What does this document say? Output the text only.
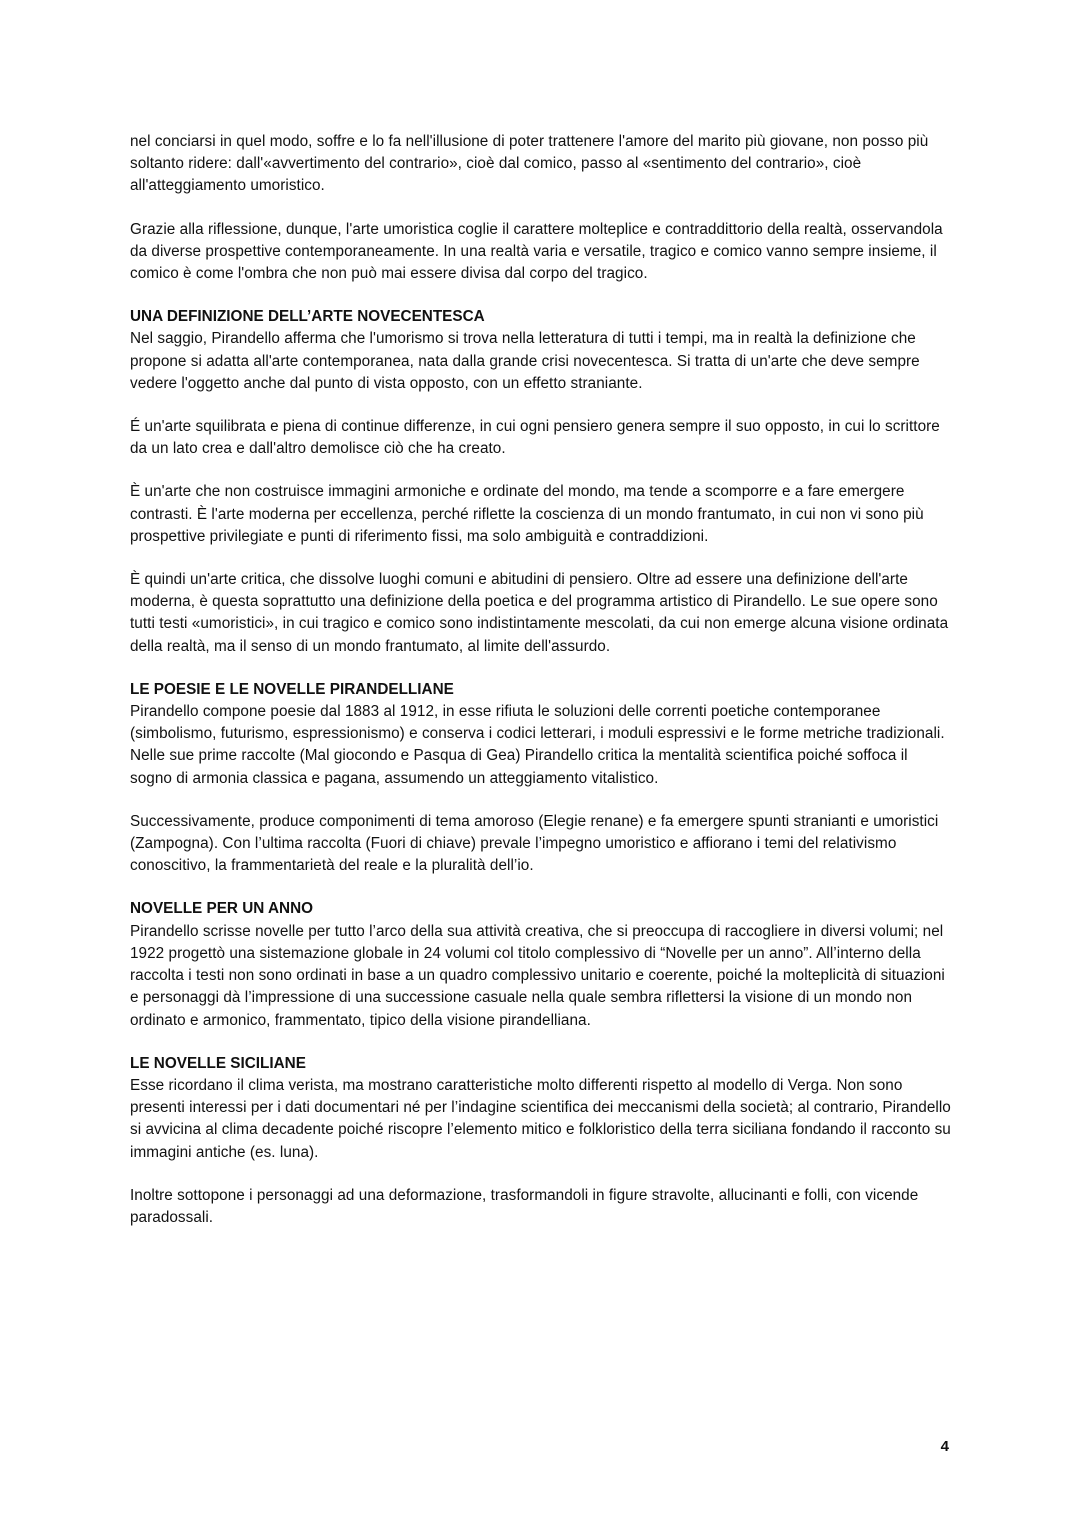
nel conciarsi in quel modo, soffre e lo fa nell'illusione di poter trattenere l'amore del marito più giovane, non posso più soltanto ridere: dall'«avvertimento del contrario», cioè dal comico, passo al «sentimento del contrario», cioè all'atteggiamento umoristico.

Grazie alla riflessione, dunque, l'arte umoristica coglie il carattere molteplice e contraddittorio della realtà, osservandola da diverse prospettive contemporaneamente. In una realtà varia e versatile, tragico e comico vanno sempre insieme, il comico è come l'ombra che non può mai essere divisa dal corpo del tragico.

UNA DEFINIZIONE DELL’ARTE NOVECENTESCA

Nel saggio, Pirandello afferma che l'umorismo si trova nella letteratura di tutti i tempi, ma in realtà la definizione che propone si adatta all'arte contemporanea, nata dalla grande crisi novecentesca. Si tratta di un'arte che deve sempre vedere l'oggetto anche dal punto di vista opposto, con un effetto straniante.

É un'arte squilibrata e piena di continue differenze, in cui ogni pensiero genera sempre il suo opposto, in cui lo scrittore da un lato crea e dall'altro demolisce ciò che ha creato.

È un'arte che non costruisce immagini armoniche e ordinate del mondo, ma tende a scomporre e a fare emergere contrasti. È l'arte moderna per eccellenza, perché riflette la coscienza di un mondo frantumato, in cui non vi sono più prospettive privilegiate e punti di riferimento fissi, ma solo ambiguità e contraddizioni.

È quindi un'arte critica, che dissolve luoghi comuni e abitudini di pensiero. Oltre ad essere una definizione dell'arte moderna, è questa soprattutto una definizione della poetica e del programma artistico di Pirandello. Le sue opere sono tutti testi «umoristici», in cui tragico e comico sono indistintamente mescolati, da cui non emerge alcuna visione ordinata della realtà, ma il senso di un mondo frantumato, al limite dell'assurdo.

LE POESIE E LE NOVELLE PIRANDELLIANE

Pirandello compone poesie dal 1883 al 1912, in esse rifiuta le soluzioni delle correnti poetiche contemporanee (simbolismo, futurismo, espressionismo) e conserva i codici letterari, i moduli espressivi e le forme metriche tradizionali. Nelle sue prime raccolte (Mal giocondo e Pasqua di Gea) Pirandello critica la mentalità scientifica poiché soffoca il sogno di armonia classica e pagana, assumendo un atteggiamento vitalistico.

Successivamente, produce componimenti di tema amoroso (Elegie renane) e fa emergere spunti stranianti e umoristici (Zampogna). Con l’ultima raccolta (Fuori di chiave) prevale l’impegno umoristico e affiorano i temi del relativismo conoscitivo, la frammentarietà del reale e la pluralità dell’io.

NOVELLE PER UN ANNO

Pirandello scrisse novelle per tutto l’arco della sua attività creativa, che si preoccupa di raccogliere in diversi volumi; nel 1922 progettò una sistemazione globale in 24 volumi col titolo complessivo di “Novelle per un anno”. All’interno della raccolta i testi non sono ordinati in base a un quadro complessivo unitario e coerente, poiché la molteplicità di situazioni e personaggi dà l’impressione di una successione casuale nella quale sembra riflettersi la visione di un mondo non ordinato e armonico, frammentato, tipico della visione pirandelliana.

LE NOVELLE SICILIANE

Esse ricordano il clima verista, ma mostrano caratteristiche molto differenti rispetto al modello di Verga. Non sono presenti interessi per i dati documentari né per l’indagine scientifica dei meccanismi della società; al contrario, Pirandello si avvicina al clima decadente poiché riscopre l’elemento mitico e folkloristico della terra siciliana fondando il racconto su immagini antiche (es. luna).

Inoltre sottopone i personaggi ad una deformazione, trasformandoli in figure stravolte, allucinanti e folli, con vicende paradossali.

4
